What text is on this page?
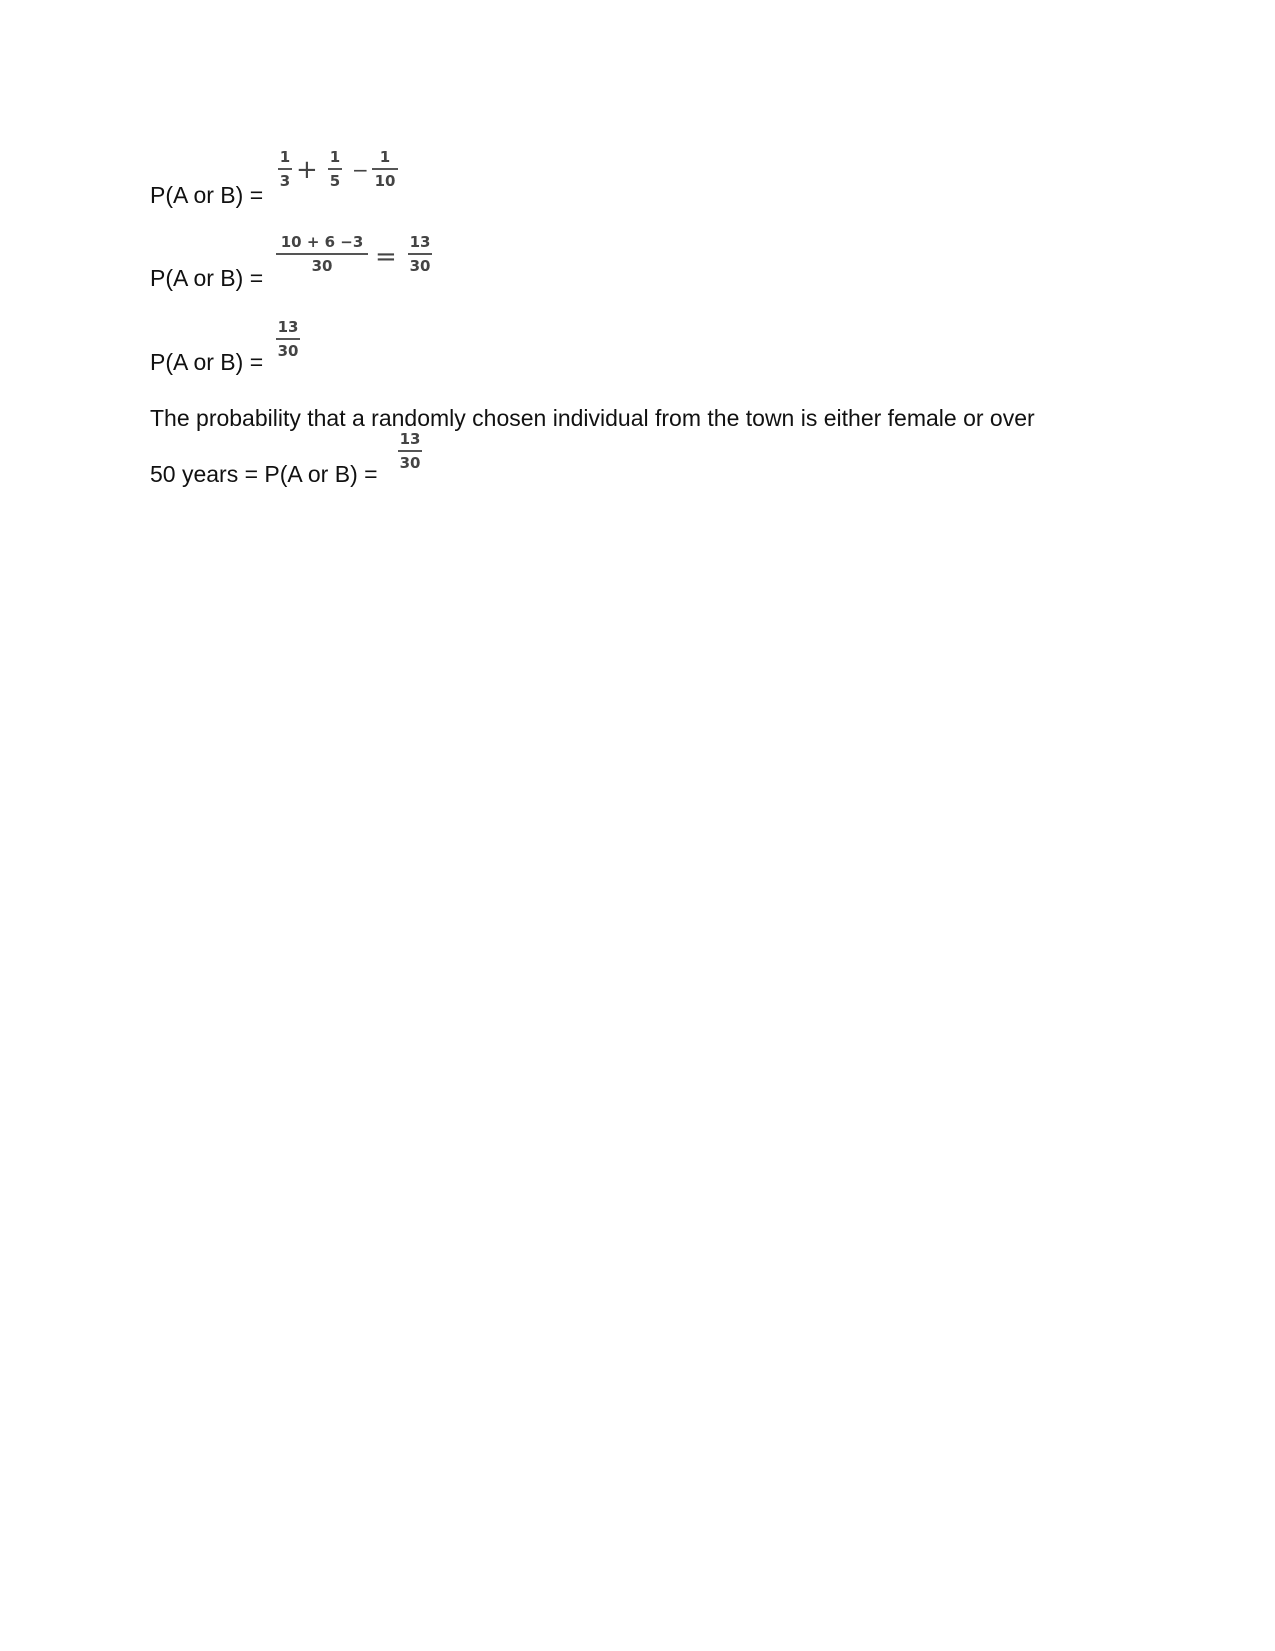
P(A or B) =
1
3 + 1
5 −
1
10
P(A or B) =
10 + 6 −3
30	= 13
30
P(A or B) =
13
30
The probability that a randomly chosen individual from the town is either female or over
50 years = P(A or B) =
13
30
